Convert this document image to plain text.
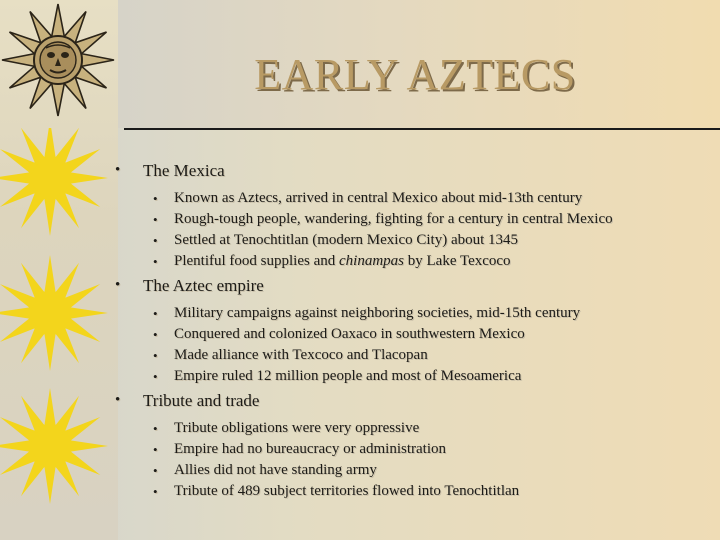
EARLY AZTECS
• The Mexica
• Known as Aztecs, arrived in central Mexico about mid-13th century
• Rough-tough people, wandering, fighting for a century in central Mexico
• Settled at Tenochtitlan (modern Mexico City) about 1345
• Plentiful food supplies and chinampas by Lake Texcoco
• The Aztec empire
• Military campaigns against neighboring societies, mid-15th century
• Conquered and colonized Oaxaco in southwestern Mexico
• Made alliance with Texcoco and Tlacopan
• Empire ruled 12 million people and most of Mesoamerica
• Tribute and trade
• Tribute obligations were very oppressive
• Empire had no bureaucracy or administration
• Allies did not have standing army
• Tribute of 489 subject territories flowed into Tenochtitlan
